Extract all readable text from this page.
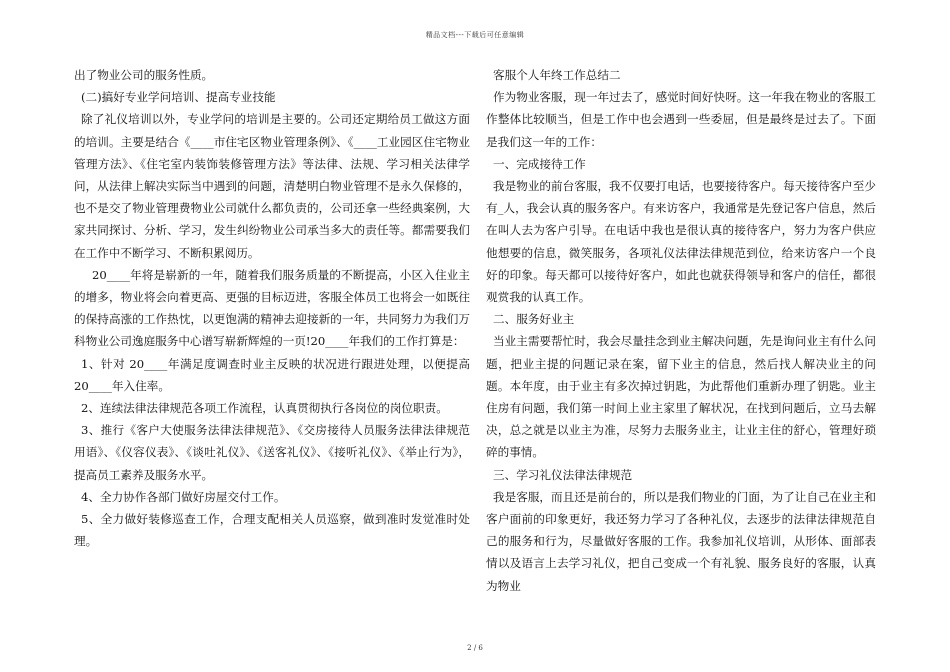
精品文档---下载后可任意编辑

出了物业公司的服务性质。

(二)搞好专业学问培训、提高专业技能

除了礼仪培训以外，专业学问的培训是主要的。公司还定期给员工做这方面的培训。主要是结合《____市住宅区物业管理条例》、《____工业园区住宅物业管理方法》、《住宅室内装饰装修管理方法》等法律、法规、学习相关法律学问，从法律上解决实际当中遇到的问题，清楚明白物业管理不是永久保修的，也不是交了物业管理费物业公司就什么都负责的，公司还拿一些经典案例，大家共同探讨、分析、学习，发生纠纷物业公司承当多大的责任等。都需要我们在工作中不断学习、不断积累阅历。

20____年将是崭新的一年，随着我们服务质量的不断提高，小区入住业主的增多，物业将会向着更高、更强的目标迈进，客服全体员工也将会一如既往的保持高涨的工作热忱，以更饱满的精神去迎接新的一年，共同努力为我们万科物业公司逸庭服务中心谱写崭新辉煌的一页!20____年我们的工作打算是：

1、针对 20____年满足度调查时业主反映的状况进行跟进处理，以便提高 20____年入住率。

2、连续法律法律规范各项工作流程，认真贯彻执行各岗位的岗位职责。

3、推行《客户大使服务法律法律规范》、《交房接待人员服务法律法律规范用语》、《仪容仪表》、《谈吐礼仪》、《送客礼仪》、《接听礼仪》、《举止行为》，提高员工素养及服务水平。

4、全力协作各部门做好房屋交付工作。

5、全力做好装修巡查工作，合理支配相关人员巡察，做到准时发觉准时处理。

客服个人年终工作总结二

作为物业客服，现一年过去了，感觉时间好快呀。这一年我在物业的客服工作整体比较顺当，但是工作中也会遇到一些委屈，但是最终是过去了。下面是我们这一年的工作：

一、完成接待工作

我是物业的前台客服，我不仅要打电话，也要接待客户。每天接待客户至少有_人，我会认真的服务客户。有来访客户，我通常是先登记客户信息，然后在叫人去为客户引导。在电话中我也是很认真的接待客户，努力为客户供应他想要的信息，微笑服务，各项礼仪法律法律规范到位，给来访客户一个良好的印象。每天都可以接待好客户，如此也就获得领导和客户的信任，都很观赏我的认真工作。

二、服务好业主

当业主需要帮忙时，我会尽量挂念到业主解决问题，先是询问业主有什么问题，把业主提的问题记录在案，留下业主的信息，然后找人解决业主的问题。本年度，由于业主有多次掉过钥匙，为此帮他们重新办理了钥匙。业主住房有问题，我们第一时间上业主家里了解状况，在找到问题后，立马去解决，总之就是以业主为准，尽努力去服务业主，让业主住的舒心，管理好琐碎的事情。

三、学习礼仪法律法律规范

我是客服，而且还是前台的，所以是我们物业的门面，为了让自己在业主和客户面前的印象更好，我还努力学习了各种礼仪，去逐步的法律法律规范自己的服务和行为，尽量做好客服的工作。我参加礼仪培训，从形体、面部表情以及语言上去学习礼仪，把自己变成一个有礼貌、服务良好的客服，认真为物业

2 / 6
